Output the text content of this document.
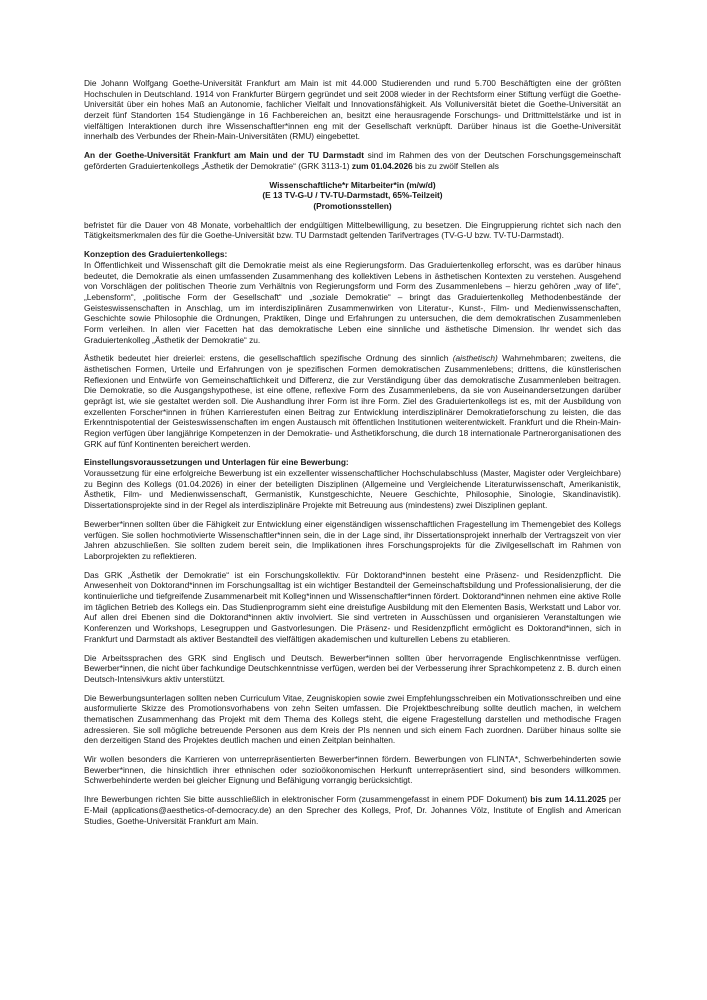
Die Johann Wolfgang Goethe-Universität Frankfurt am Main ist mit 44.000 Studierenden und rund 5.700 Beschäftigten eine der größten Hochschulen in Deutschland. 1914 von Frankfurter Bürgern gegründet und seit 2008 wieder in der Rechtsform einer Stiftung verfügt die Goethe-Universität über ein hohes Maß an Autonomie, fachlicher Vielfalt und Innovationsfähigkeit. Als Volluniversität bietet die Goethe-Universität an derzeit fünf Standorten 154 Studiengänge in 16 Fachbereichen an, besitzt eine herausragende Forschungs- und Drittmittelstärke und ist in vielfältigen Interaktionen durch ihre Wissenschaftler*innen eng mit der Gesellschaft verknüpft. Darüber hinaus ist die Goethe-Universität innerhalb des Verbundes der Rhein-Main-Universitäten (RMU) eingebettet.

An der Goethe-Universität Frankfurt am Main und der TU Darmstadt sind im Rahmen des von der Deutschen Forschungsgemeinschaft geförderten Graduiertenkollegs „Ästhetik der Demokratie“ (GRK 3113-1) zum 01.04.2026 bis zu zwölf Stellen als

Wissenschaftliche*r Mitarbeiter*in (m/w/d)
(E 13 TV-G-U / TV-TU-Darmstadt, 65%-Teilzeit)
(Promotionsstellen)

befristet für die Dauer von 48 Monate, vorbehaltlich der endgültigen Mittelbewilligung, zu besetzen. Die Eingruppierung richtet sich nach den Tätigkeitsmerkmalen des für die Goethe-Universität bzw. TU Darmstadt geltenden Tarifvertrages (TV-G-U bzw. TV-TU-Darmstadt).

Konzeption des Graduiertenkollegs:

In Öffentlichkeit und Wissenschaft gilt die Demokratie meist als eine Regierungsform. Das Graduiertenkolleg erforscht, was es darüber hinaus bedeutet, die Demokratie als einen umfassenden Zusammenhang des kollektiven Lebens in ästhetischen Kontexten zu verstehen. Ausgehend von Vorschlägen der politischen Theorie zum Verhältnis von Regierungsform und Form des Zusammenlebens – hierzu gehören „way of life“, „Lebensform“, „politische Form der Gesellschaft“ und „soziale Demokratie“ – bringt das Graduiertenkolleg Methodenbestände der Geisteswissenschaften in Anschlag, um im interdisziplinären Zusammenwirken von Literatur-, Kunst-, Film- und Medienwissenschaften, Geschichte sowie Philosophie die Ordnungen, Praktiken, Dinge und Erfahrungen zu untersuchen, die dem demokratischen Zusammenleben Form verleihen. In allen vier Facetten hat das demokratische Leben eine sinnliche und ästhetische Dimension. Ihr wendet sich das Graduiertenkolleg „Ästhetik der Demokratie“ zu.

Ästhetik bedeutet hier dreierlei: erstens, die gesellschaftlich spezifische Ordnung des sinnlich (aisthetisch) Wahrnehmbaren; zweitens, die ästhetischen Formen, Urteile und Erfahrungen von je spezifischen Formen demokratischen Zusammenlebens; drittens, die künstlerischen Reflexionen und Entwürfe von Gemeinschaftlichkeit und Differenz, die zur Verständigung über das demokratische Zusammenleben beitragen. Die Demokratie, so die Ausgangshypothese, ist eine offene, reflexive Form des Zusammenlebens, da sie von Auseinandersetzungen darüber geprägt ist, wie sie gestaltet werden soll. Die Aushandlung ihrer Form ist ihre Form. Ziel des Graduiertenkollegs ist es, mit der Ausbildung von exzellenten Forscher*innen in frühen Karrierestufen einen Beitrag zur Entwicklung interdisziplinärer Demokratieforschung zu leisten, die das Erkenntnispotential der Geisteswissenschaften im engen Austausch mit öffentlichen Institutionen weiterentwickelt. Frankfurt und die Rhein-Main-Region verfügen über langjährige Kompetenzen in der Demokratie- und Ästhetikforschung, die durch 18 internationale Partnerorganisationen des GRK auf fünf Kontinenten bereichert werden.

Einstellungsvoraussetzungen und Unterlagen für eine Bewerbung:

Voraussetzung für eine erfolgreiche Bewerbung ist ein exzellenter wissenschaftlicher Hochschulabschluss (Master, Magister oder Vergleichbare) zu Beginn des Kollegs (01.04.2026) in einer der beteiligten Disziplinen (Allgemeine und Vergleichende Literaturwissenschaft, Amerikanistik, Ästhetik, Film- und Medienwissenschaft, Germanistik, Kunstgeschichte, Neuere Geschichte, Philosophie, Sinologie, Skandinavistik). Dissertationsprojekte sind in der Regel als interdisziplinäre Projekte mit Betreuung aus (mindestens) zwei Disziplinen geplant.

Bewerber*innen sollten über die Fähigkeit zur Entwicklung einer eigenständigen wissenschaftlichen Fragestellung im Themengebiet des Kollegs verfügen. Sie sollen hochmotivierte Wissenschaftler*innen sein, die in der Lage sind, ihr Dissertationsprojekt innerhalb der Vertragszeit von vier Jahren abzuschließen. Sie sollten zudem bereit sein, die Implikationen ihres Forschungsprojekts für die Zivilgesellschaft im Rahmen von Laborprojekten zu reflektieren.

Das GRK „Ästhetik der Demokratie“ ist ein Forschungskollektiv. Für Doktorand*innen besteht eine Präsenz- und Residenzpflicht. Die Anwesenheit von Doktorand*innen im Forschungsalltag ist ein wichtiger Bestandteil der Gemeinschaftsbildung und Professionalisierung, der die kontinuierliche und tiefgreifende Zusammenarbeit mit Kolleg*innen und Wissenschaftler*innen fördert. Doktorand*innen nehmen eine aktive Rolle im täglichen Betrieb des Kollegs ein. Das Studienprogramm sieht eine dreistufige Ausbildung mit den Elementen Basis, Werkstatt und Labor vor. Auf allen drei Ebenen sind die Doktorand*innen aktiv involviert. Sie sind vertreten in Ausschüssen und organisieren Veranstaltungen wie Konferenzen und Workshops, Lesegruppen und Gastvorlesungen. Die Präsenz- und Residenzpflicht ermöglicht es Doktorand*innen, sich in Frankfurt und Darmstadt als aktiver Bestandteil des vielfältigen akademischen und kulturellen Lebens zu etablieren.

Die Arbeitssprachen des GRK sind Englisch und Deutsch. Bewerber*innen sollten über hervorragende Englischkenntnisse verfügen. Bewerber*innen, die nicht über fachkundige Deutschkenntnisse verfügen, werden bei der Verbesserung ihrer Sprachkompetenz z. B. durch einen Deutsch-Intensivkurs aktiv unterstützt.

Die Bewerbungsunterlagen sollten neben Curriculum Vitae, Zeugniskopien sowie zwei Empfehlungsschreiben ein Motivationsschreiben und eine ausformulierte Skizze des Promotionsvorhabens von zehn Seiten umfassen. Die Projektbeschreibung sollte deutlich machen, in welchem thematischen Zusammenhang das Projekt mit dem Thema des Kollegs steht, die eigene Fragestellung darstellen und methodische Fragen adressieren. Sie soll mögliche betreuende Personen aus dem Kreis der PIs nennen und sich einem Fach zuordnen. Darüber hinaus sollte sie den derzeitigen Stand des Projektes deutlich machen und einen Zeitplan beinhalten.

Wir wollen besonders die Karrieren von unterrepräsentierten Bewerber*innen fördern. Bewerbungen von FLINTA*, Schwerbehinderten sowie Bewerber*innen, die hinsichtlich ihrer ethnischen oder sozioökonomischen Herkunft unterrepräsentiert sind, sind besonders willkommen. Schwerbehinderte werden bei gleicher Eignung und Befähigung vorrangig berücksichtigt.

Ihre Bewerbungen richten Sie bitte ausschließlich in elektronischer Form (zusammengefasst in einem PDF Dokument) bis zum 14.11.2025 per E-Mail (applications@aesthetics-of-democracy.de) an den Sprecher des Kollegs, Prof, Dr. Johannes Völz, Institute of English and American Studies, Goethe-Universität Frankfurt am Main.
